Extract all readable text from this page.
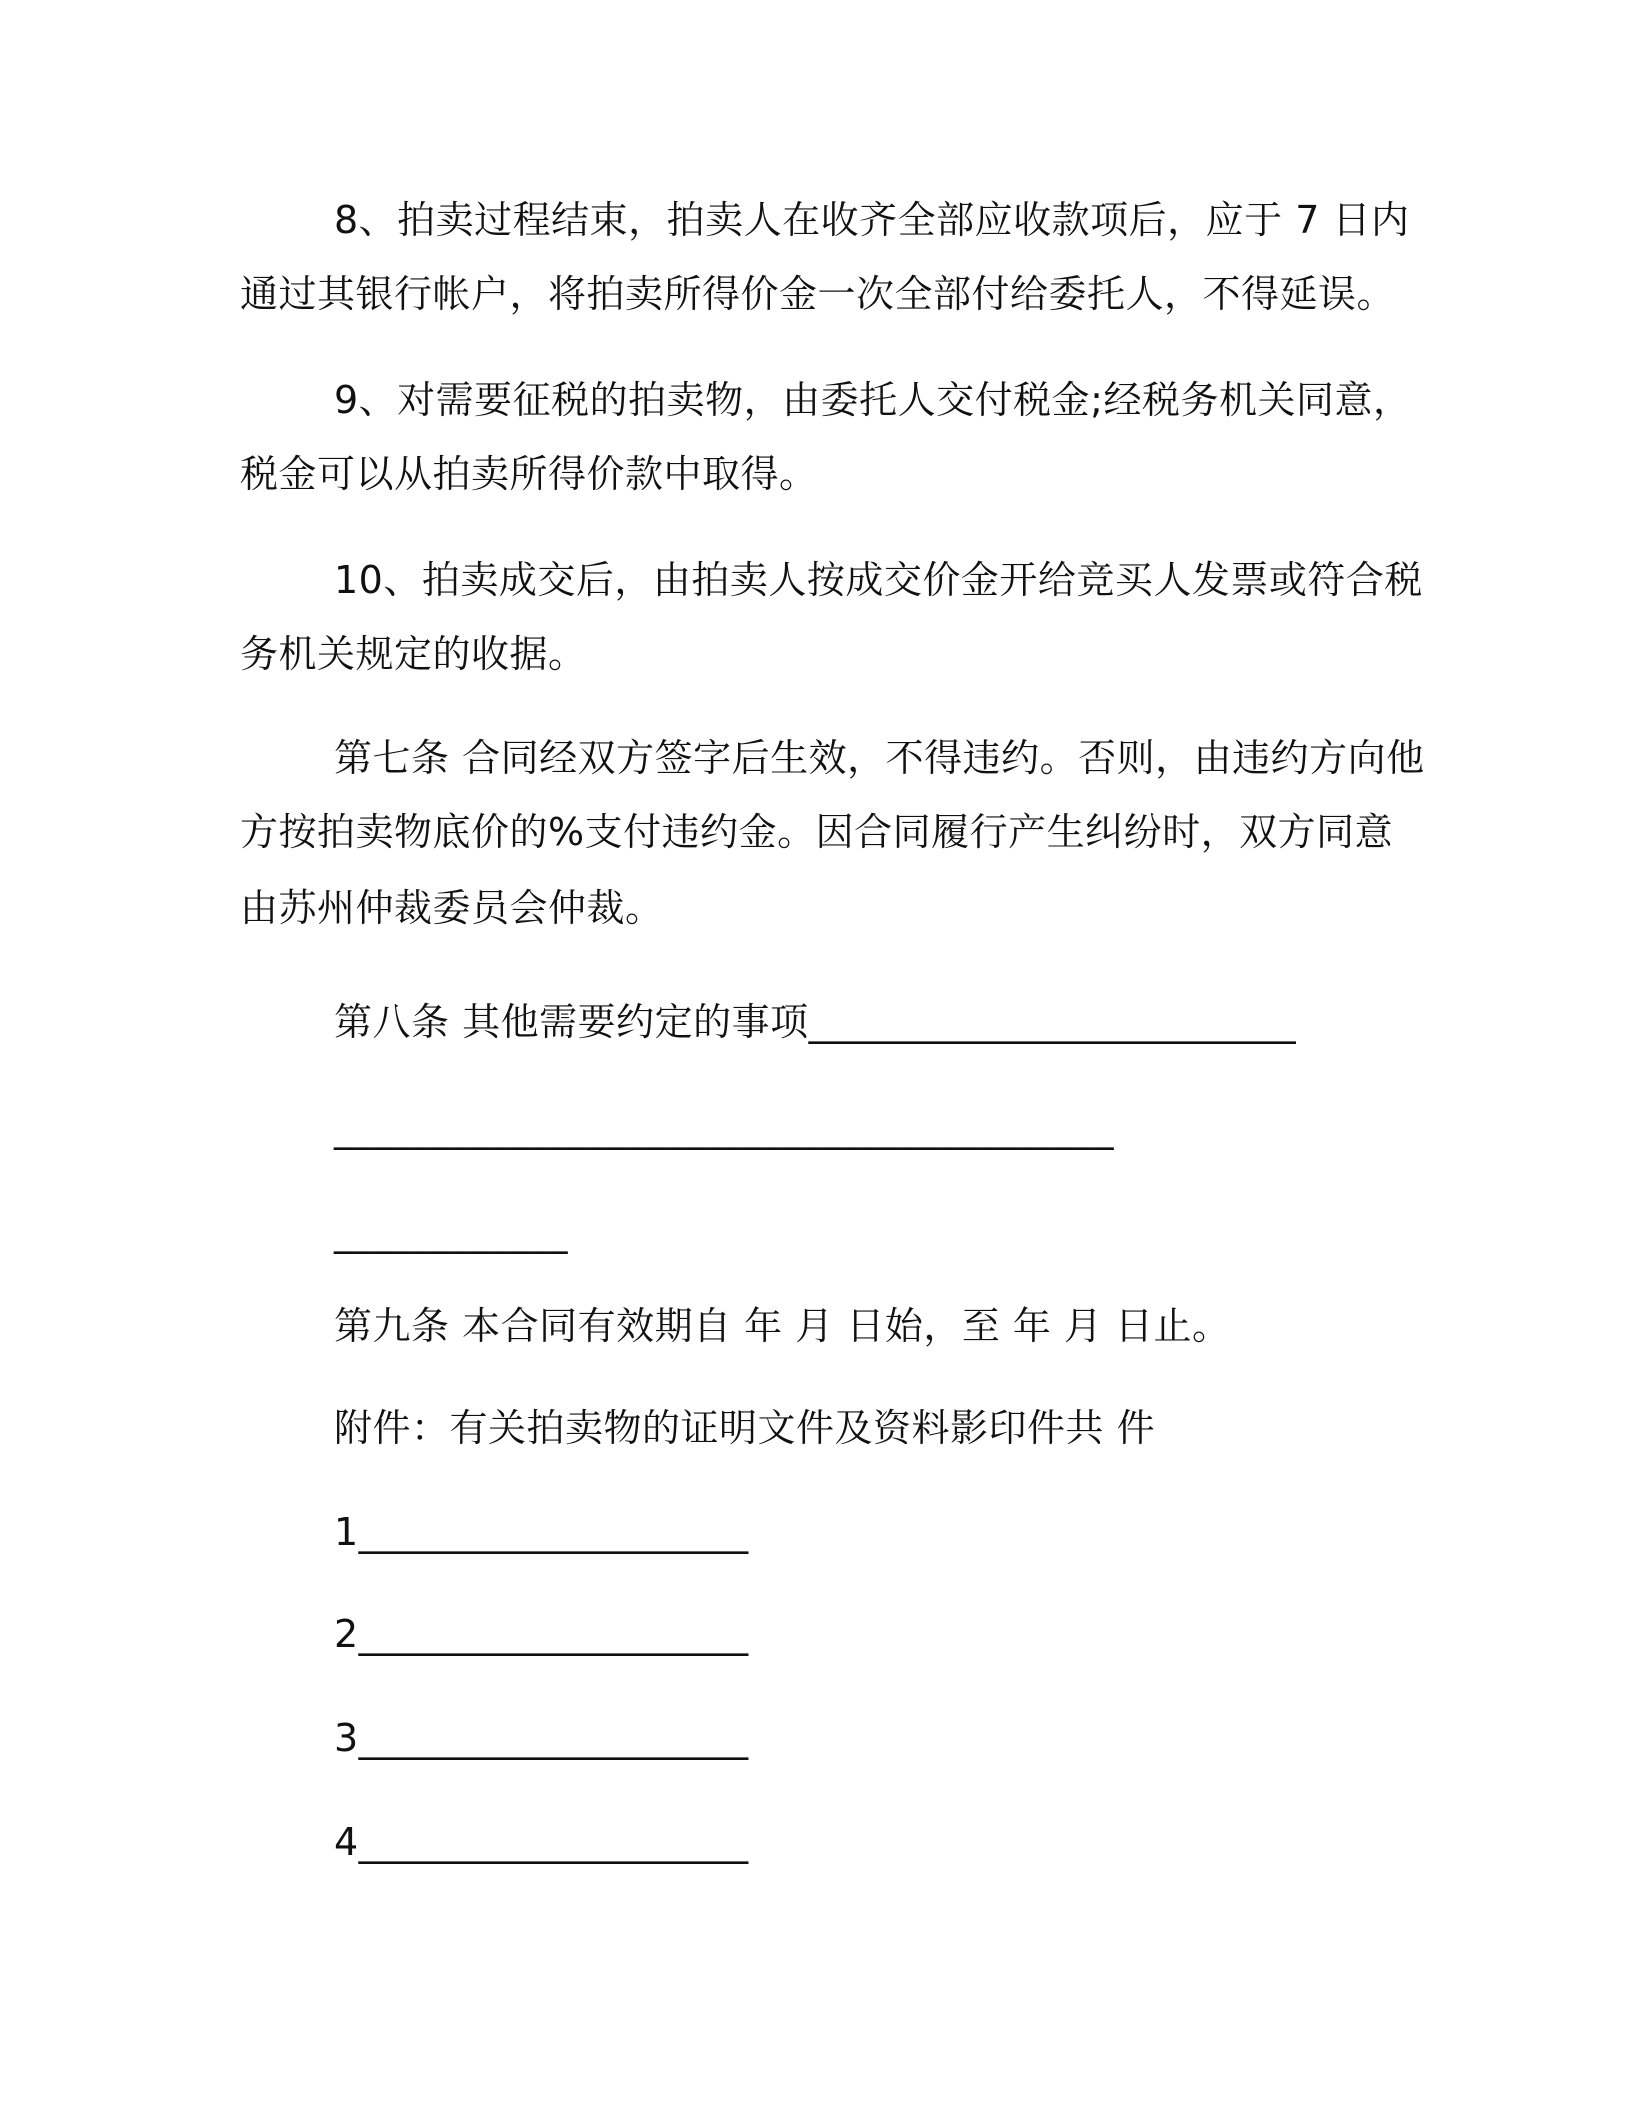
8、拍卖过程结束，拍卖人在收齐全部应收款项后，应于 7 日内
通过其银行帐户，将拍卖所得价金一次全部付给委托人，不得延误。
9、对需要征税的拍卖物，由委托人交付税金;经税务机关同意，
税金可以从拍卖所得价款中取得。
10、拍卖成交后，由拍卖人按成交价金开给竞买人发票或符合税
务机关规定的收据。
第七条 合同经双方签字后生效，不得违约。否则，由违约方向他
方按拍卖物底价的%支付违约金。因合同履行产生纠纷时，双方同意
由苏州仲裁委员会仲裁。
第八条 其他需要约定的事项_________________________
________________________________________
____________
第九条 本合同有效期自 年 月 日始，至 年 月 日止。
附件：有关拍卖物的证明文件及资料影印件共 件
1____________________
2____________________
3____________________
4____________________
